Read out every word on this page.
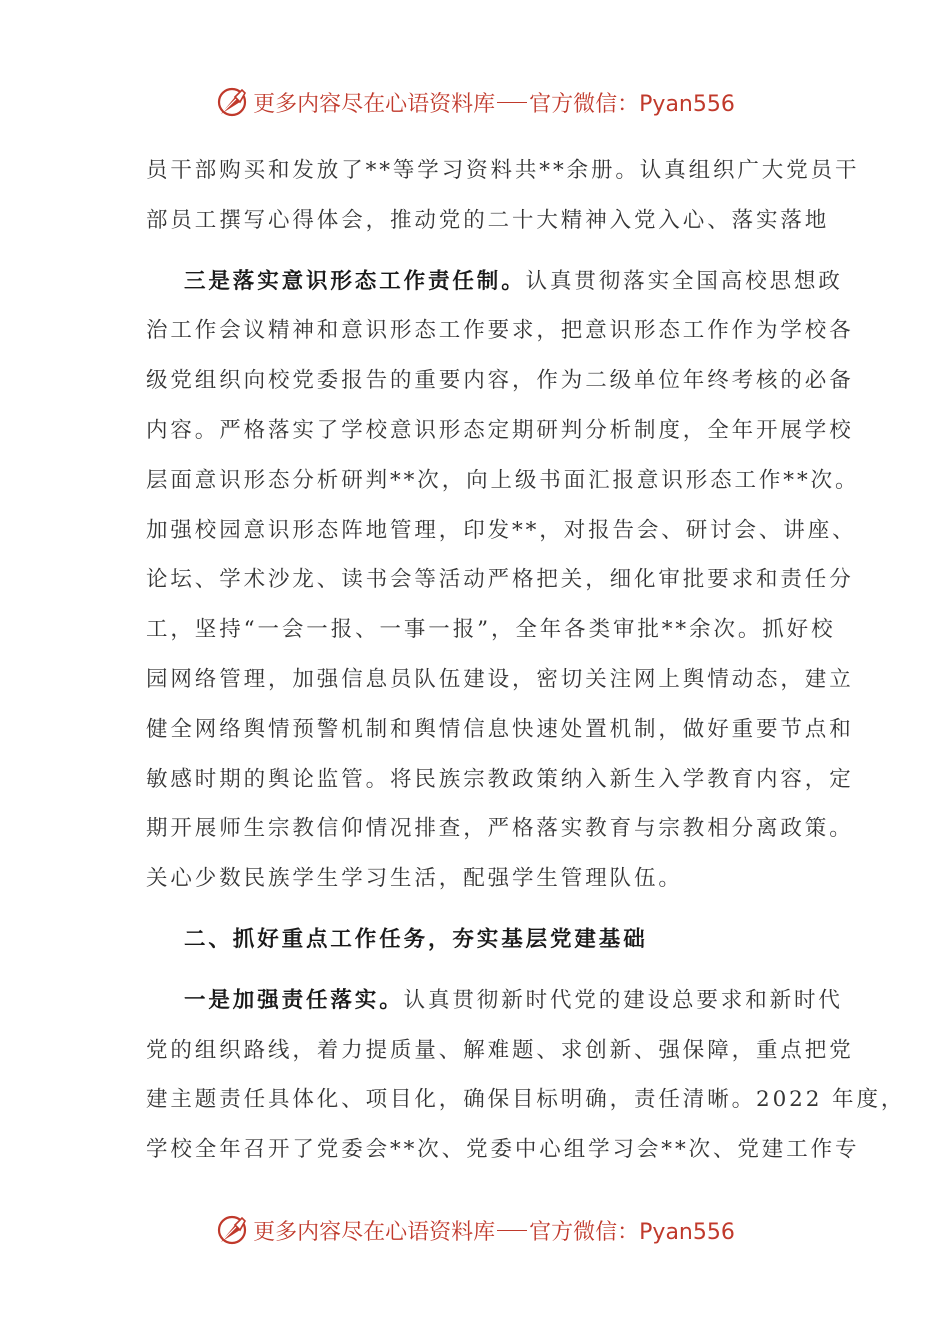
更多内容尽在心语资料库 官方微信：Pyan556
员干部购买和发放了**等学习资料共**余册。认真组织广大党员干
部员工撰写心得体会，推动党的二十大精神入党入心、落实落地
三是落实意识形态工作责任制。认真贯彻落实全国高校思想政
治工作会议精神和意识形态工作要求，把意识形态工作作为学校各
级党组织向校党委报告的重要内容，作为二级单位年终考核的必备
内容。严格落实了学校意识形态定期研判分析制度，全年开展学校
层面意识形态分析研判**次，向上级书面汇报意识形态工作**次。
加强校园意识形态阵地管理，印发**，对报告会、研讨会、讲座、
论坛、学术沙龙、读书会等活动严格把关，细化审批要求和责任分
工，坚持“一会一报、一事一报”，全年各类审批**余次。抓好校
园网络管理，加强信息员队伍建设，密切关注网上舆情动态，建立
健全网络舆情预警机制和舆情信息快速处置机制，做好重要节点和
敏感时期的舆论监管。将民族宗教政策纳入新生入学教育内容，定
期开展师生宗教信仰情况排查，严格落实教育与宗教相分离政策。
关心少数民族学生学习生活，配强学生管理队伍。
二、抓好重点工作任务，夯实基层党建基础
一是加强责任落实。认真贯彻新时代党的建设总要求和新时代
党的组织路线，着力提质量、解难题、求创新、强保障，重点把党
建主题责任具体化、项目化，确保目标明确，责任清晰。2022 年度，
学校全年召开了党委会**次、党委中心组学习会**次、党建工作专
更多内容尽在心语资料库 官方微信：Pyan556
